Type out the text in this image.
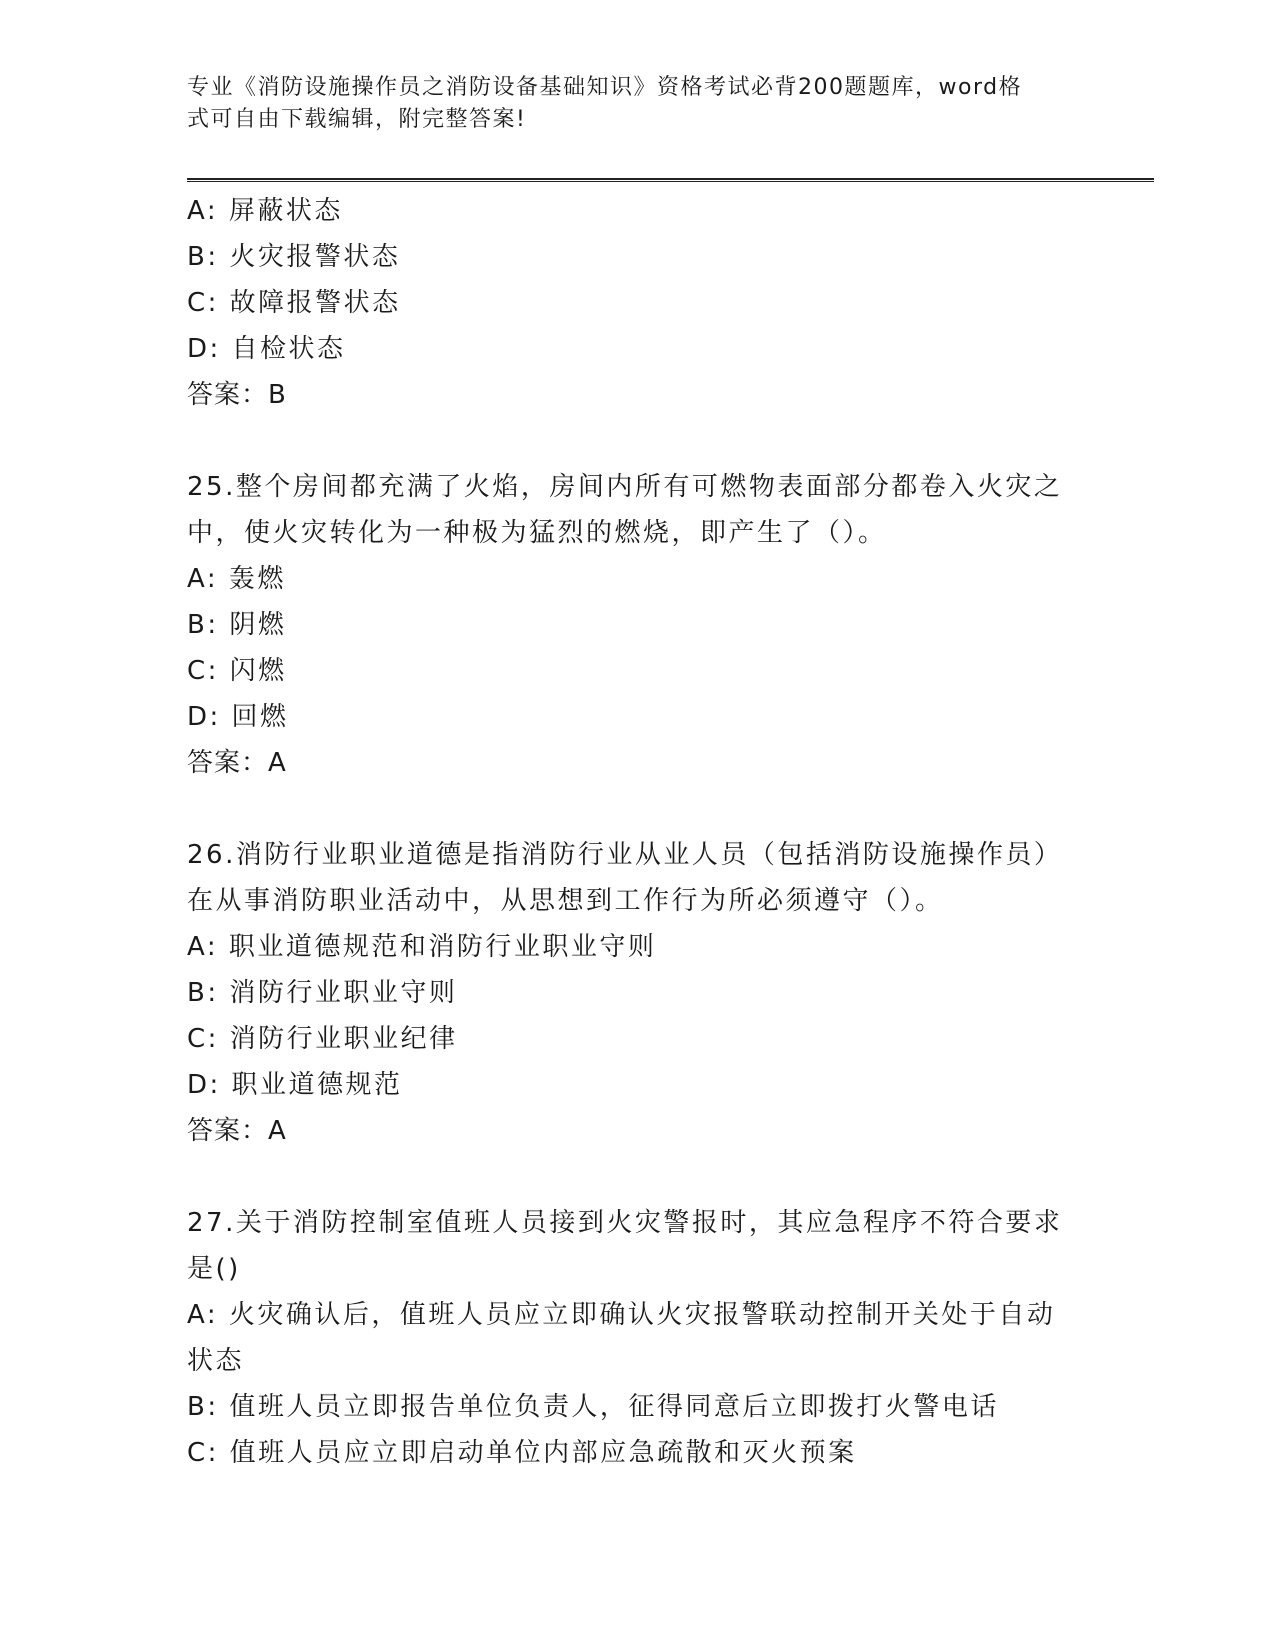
专业《消防设施操作员之消防设备基础知识》资格考试必背200题题库，word格
式可自由下载编辑，附完整答案!
A: 屏蔽状态
B: 火灾报警状态
C: 故障报警状态
D: 自检状态
答案：B
25.整个房间都充满了火焰，房间内所有可燃物表面部分都卷入火灾之
中，使火灾转化为一种极为猛烈的燃烧，即产生了（）。
A: 轰燃
B: 阴燃
C: 闪燃
D: 回燃
答案：A
26.消防行业职业道德是指消防行业从业人员（包括消防设施操作员）
在从事消防职业活动中，从思想到工作行为所必须遵守（）。
A: 职业道德规范和消防行业职业守则
B: 消防行业职业守则
C: 消防行业职业纪律
D: 职业道德规范
答案：A
27.关于消防控制室值班人员接到火灾警报时，其应急程序不符合要求
是()
A: 火灾确认后，值班人员应立即确认火灾报警联动控制开关处于自动
状态
B: 值班人员立即报告单位负责人，征得同意后立即拨打火警电话
C: 值班人员应立即启动单位内部应急疏散和灭火预案
